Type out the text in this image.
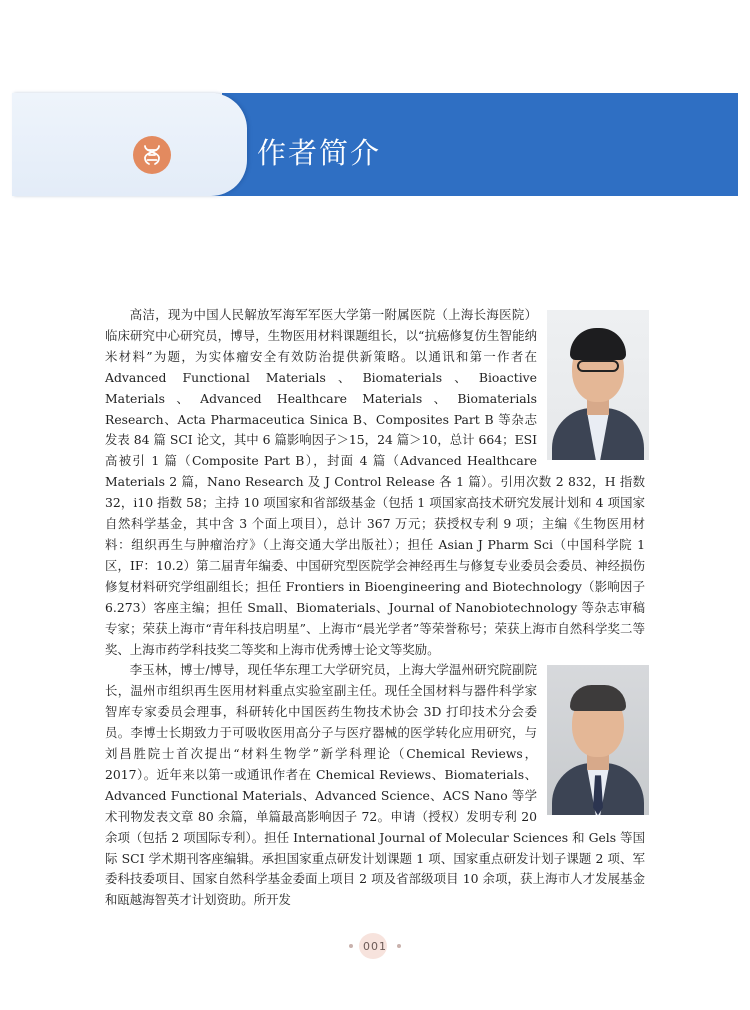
作者简介

高洁，现为中国人民解放军海军军医大学第一附属医院（上海长海医院）临床研究中心研究员，博导，生物医用材料课题组长，以“抗癌修复仿生智能纳米材料”为题，为实体瘤安全有效防治提供新策略。以通讯和第一作者在 Advanced Functional Materials、Biomaterials、Bioactive Materials、Advanced Healthcare Materials、Biomaterials Research、Acta Pharmaceutica Sinica B、Composites Part B 等杂志发表 84 篇 SCI 论文，其中 6 篇影响因子＞15，24 篇＞10，总计 664；ESI 高被引 1 篇（Composite Part B），封面 4 篇（Advanced Healthcare Materials 2 篇，Nano Research 及 J Control Release 各 1 篇）。引用次数 2 832，H 指数 32，i10 指数 58；主持 10 项国家和省部级基金（包括 1 项国家高技术研究发展计划和 4 项国家自然科学基金，其中含 3 个面上项目），总计 367 万元；获授权专利 9 项；主编《生物医用材料：组织再生与肿瘤治疗》（上海交通大学出版社）；担任 Asian J Pharm Sci（中国科学院 1 区，IF：10.2）第二届青年编委、中国研究型医院学会神经再生与修复专业委员会委员、神经损伤修复材料研究学组副组长；担任 Frontiers in Bioengineering and Biotechnology（影响因子 6.273）客座主编；担任 Small、Biomaterials、Journal of Nanobiotechnology 等杂志审稿专家；荣获上海市“青年科技启明星”、上海市“晨光学者”等荣誉称号；荣获上海市自然科学奖二等奖、上海市药学科技奖二等奖和上海市优秀博士论文等奖励。

李玉林，博士/博导，现任华东理工大学研究员，上海大学温州研究院副院长，温州市组织再生医用材料重点实验室副主任。现任全国材料与器件科学家智库专家委员会理事，科研转化中国医药生物技术协会 3D 打印技术分会委员。李博士长期致力于可吸收医用高分子与医疗器械的医学转化应用研究，与刘昌胜院士首次提出“材料生物学”新学科理论（Chemical Reviews，2017）。近年来以第一或通讯作者在 Chemical Reviews、Biomaterials、Advanced Functional Materials、Advanced Science、ACS Nano 等学术刊物发表文章 80 余篇，单篇最高影响因子 72。申请（授权）发明专利 20 余项（包括 2 项国际专利）。担任 International Journal of Molecular Sciences 和 Gels 等国际 SCI 学术期刊客座编辑。承担国家重点研发计划课题 1 项、国家重点研发计划子课题 2 项、军委科技委项目、国家自然科学基金委面上项目 2 项及省部级项目 10 余项，获上海市人才发展基金和瓯越海智英才计划资助。所开发

001
